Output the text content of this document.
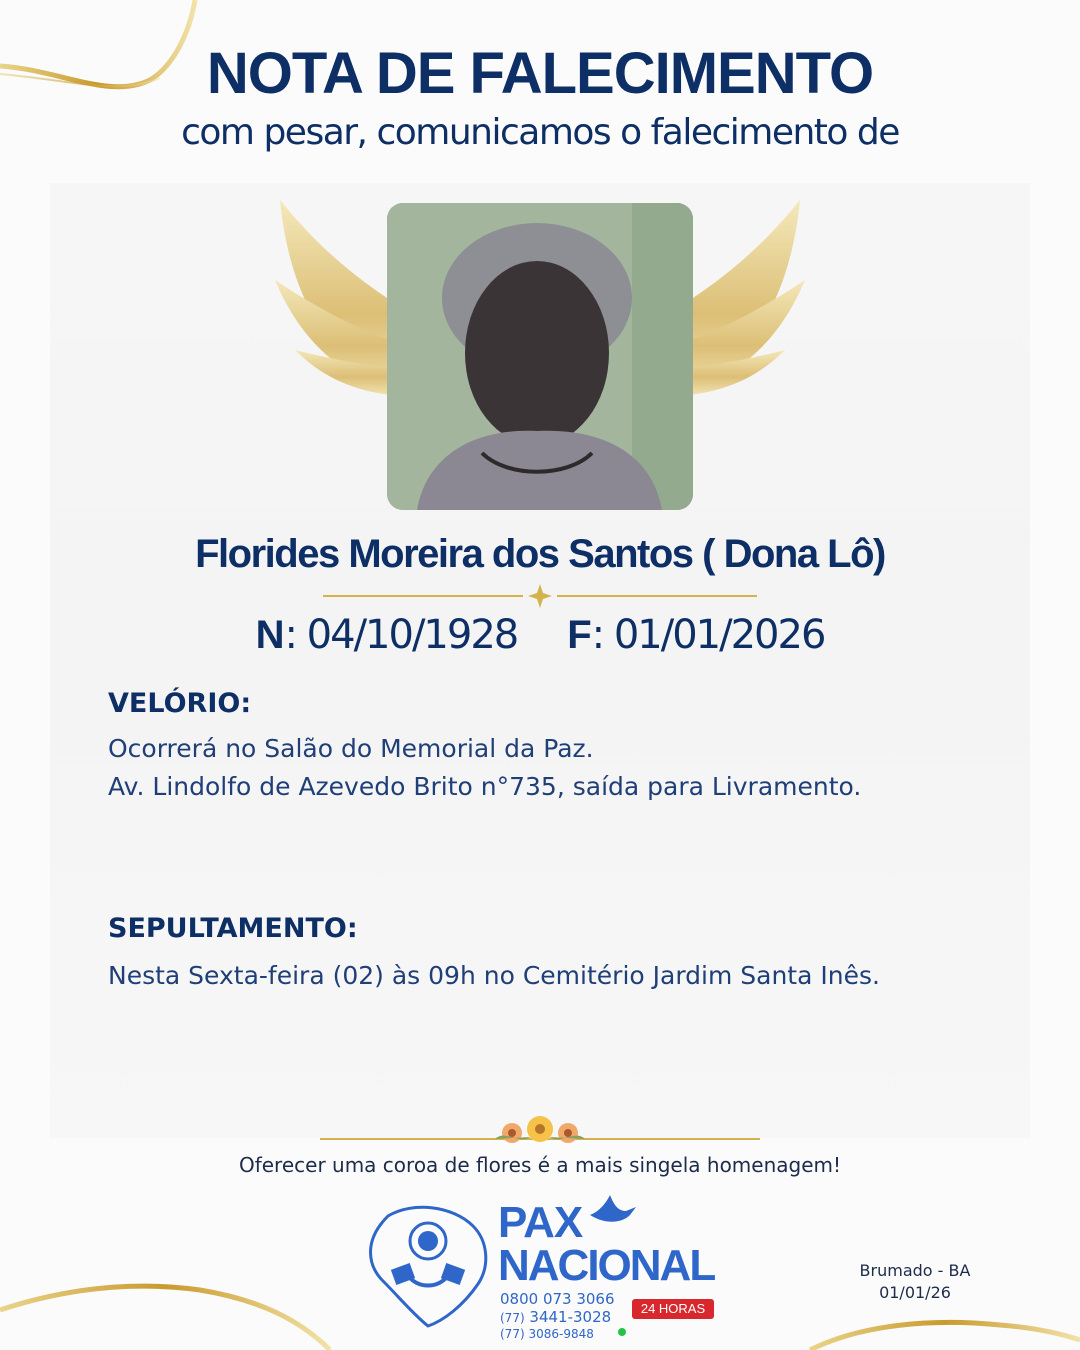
NOTA DE FALECIMENTO
com pesar, comunicamos o falecimento de
Florides Moreira dos Santos ( Dona Lô)
N: 04/10/1928 F: 01/01/2026
VELÓRIO:
Ocorrerá no Salão do Memorial da Paz.
Av. Lindolfo de Azevedo Brito n°735, saída para Livramento.
SEPULTAMENTO:
Nesta Sexta-feira (02) às 09h no Cemitério Jardim Santa Inês.
Oferecer uma coroa de flores é a mais singela homenagem!
PAX
NACIONAL
0800 073 3066
(77) 3441-3028
(77) 3086-9848
24 HORAS
Brumado - BA
01/01/26
